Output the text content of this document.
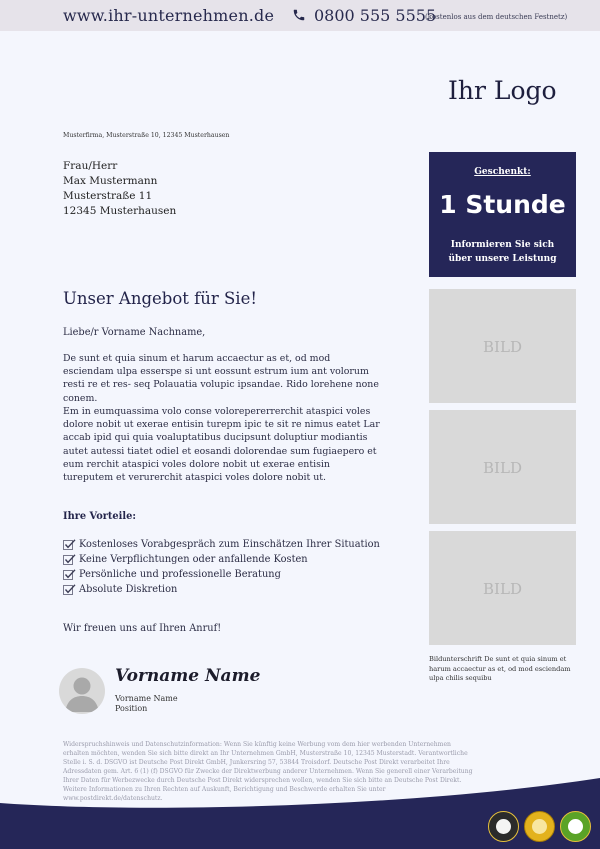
www.ihr-unternehmen.de 0800 555 5555
(kostenlos aus dem deutschen Festnetz)
Ihr Logo
Musterfirma, Musterstraße 10, 12345 Musterhausen
Frau/Herr
Max Mustermann
Musterstraße 11
12345 Musterhausen
Geschenkt:
1 Stunde
Informieren Sie sich
über unsere Leistung
Unser Angebot für Sie!
Liebe/r Vorname Nachname,
De sunt et quia sinum et harum accaectur as et, od mod esciendam ulpa esserspe si unt eossunt estrum ium ant volorum resti re et res- seq Polauatia volupic ipsandae. Rido lorehene none conem.
Em in eumquassima volo conse volorepererrerchit ataspici voles dolore nobit ut exerae entisin turepm ipic te sit re nimus eatet Lar accab ipid qui quia voaluptatibus ducipsunt doluptiur modiantis autet autessi tiatet odiel et eosandi dolorendae sum fugiaepero et eum rerchit ataspici voles dolore nobit ut exerae entisin tureputem et verurerchit ataspici voles dolore nobit ut.
Ihre Vorteile:
Kostenloses Vorabgespräch zum Einschätzen Ihrer Situation
Keine Verpflichtungen oder anfallende Kosten
Persönliche und professionelle Beratung
Absolute Diskretion
Wir freuen uns auf Ihren Anruf!
Vorname Name
Vorname Name
Position
BILD
BILD
BILD
Bildunterschrift De sunt et quia sinum et harum accaectur as et, od mod esciendam ulpa chilis sequibu
Widerspruchshinweis und Datenschutzinformation: Wenn Sie künftig keine Werbung vom dem hier werbenden Unternehmen erhalten möchten, wenden Sie sich bitte direkt an Ihr Unternehmen GmbH, Musterstraße 10, 12345 Musterstadt. Verantwortliche Stelle i. S. d. DSGVO ist Deutsche Post Direkt GmbH, Junkersring 57, 53844 Troisdorf. Deutsche Post Direkt verarbeitet Ihre Adressdaten gem. Art. 6 (1) (f) DSGVO für Zwecke der Direktwerbung anderer Unternehmen. Wenn Sie generell einer Verarbeitung Ihrer Daten für Werbezwecke durch Deutsche Post Direkt widersprechen wollen, wenden Sie sich bitte an Deutsche Post Direkt. Weitere Informationen zu Ihren Rechten auf Auskunft, Berichtigung und Beschwerde erhalten Sie unter www.postdirekt.de/datenschutz.
